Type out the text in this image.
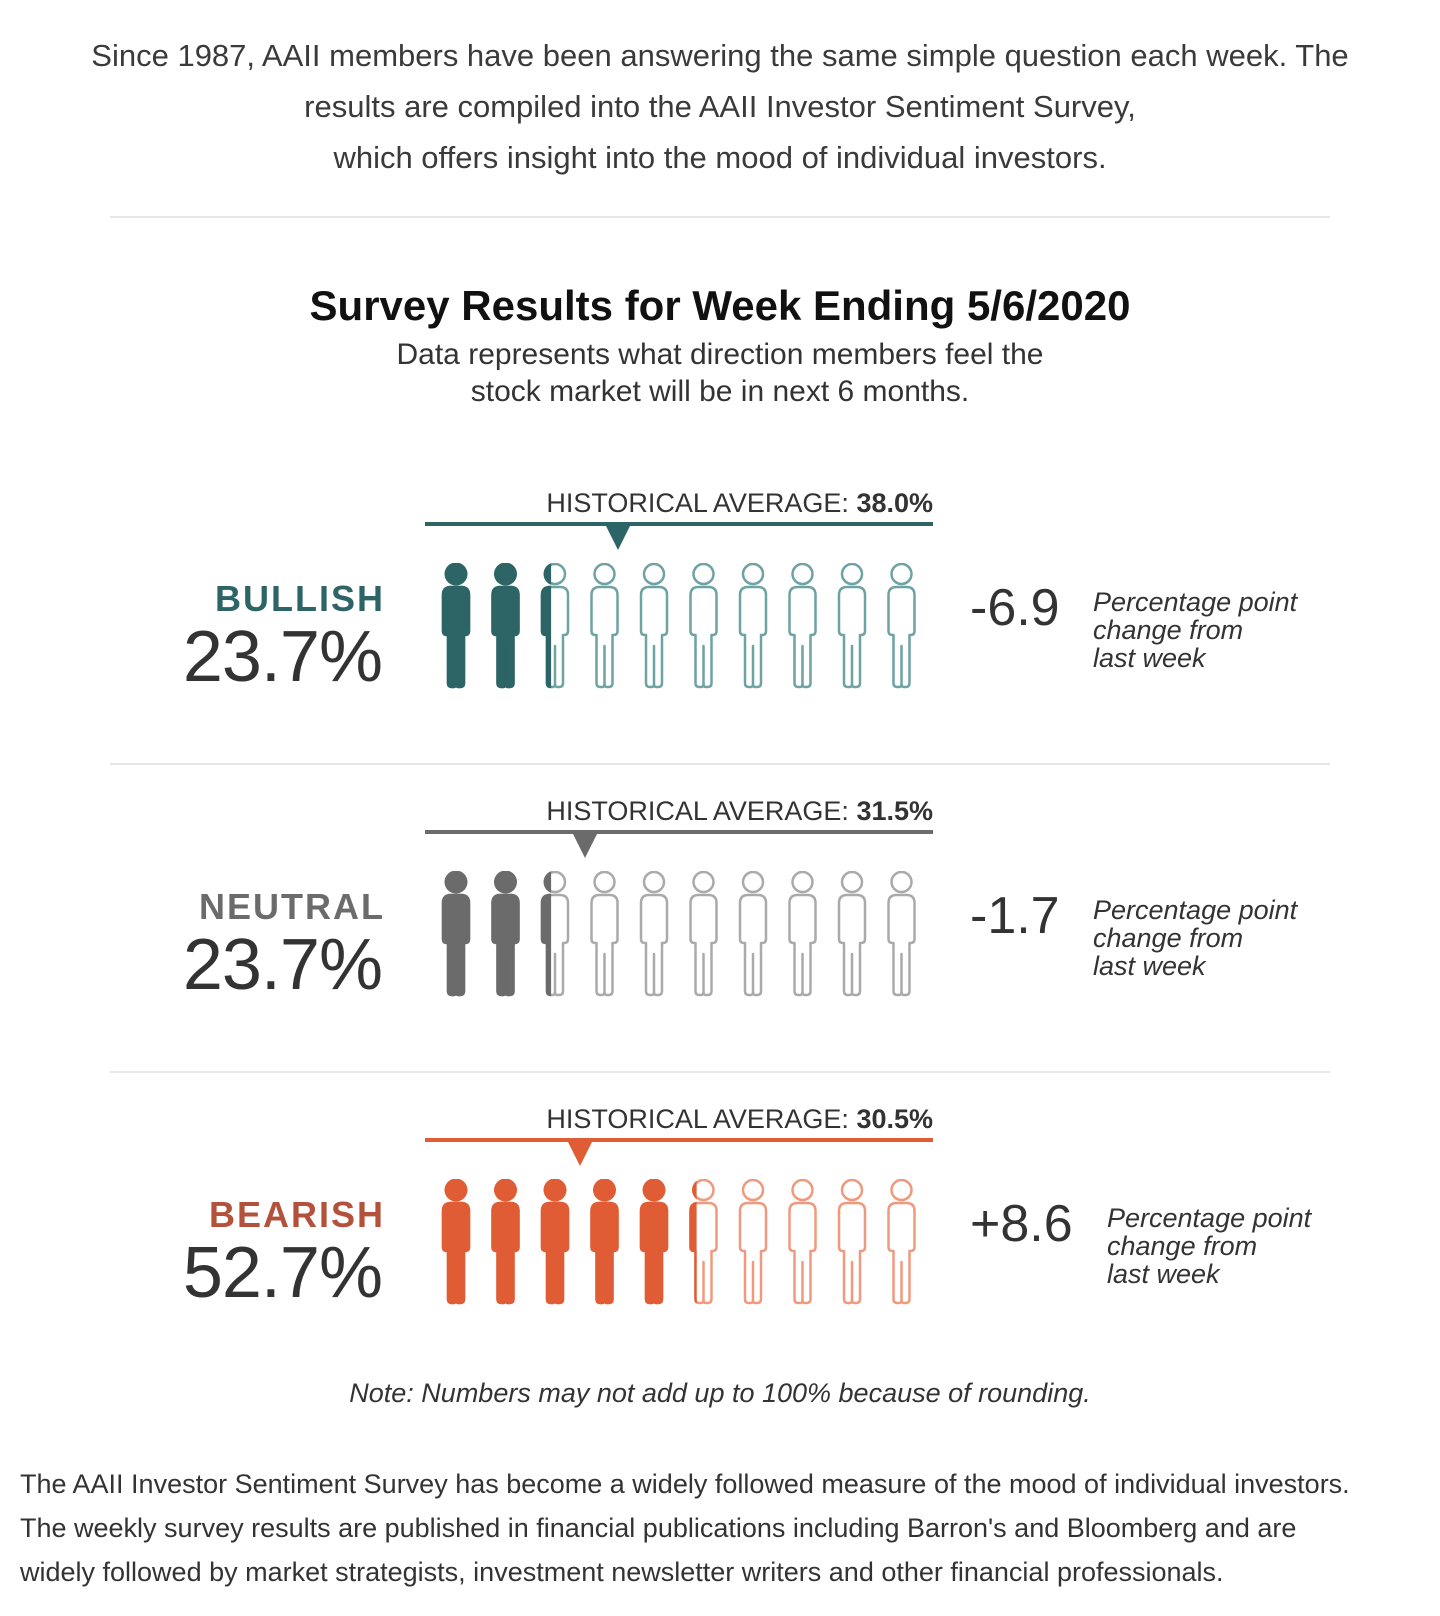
Since 1987, AAII members have been answering the same simple question each week. The
results are compiled into the AAII Investor Sentiment Survey,
which offers insight into the mood of individual investors.
Survey Results for Week Ending 5/6/2020
Data represents what direction members feel the
stock market will be in next 6 months.
HISTORICAL AVERAGE: 38.0%
BULLISH
23.7%
-6.9 Percentage point
change from
last week
HISTORICAL AVERAGE: 31.5%
NEUTRAL
23.7%
-1.7 Percentage point
change from
last week
HISTORICAL AVERAGE: 30.5%
BEARISH
52.7%
+8.6 Percentage point
change from
last week
Note: Numbers may not add up to 100% because of rounding.
The AAII Investor Sentiment Survey has become a widely followed measure of the mood of individual investors.
The weekly survey results are published in financial publications including Barron's and Bloomberg and are
widely followed by market strategists, investment newsletter writers and other financial professionals.
